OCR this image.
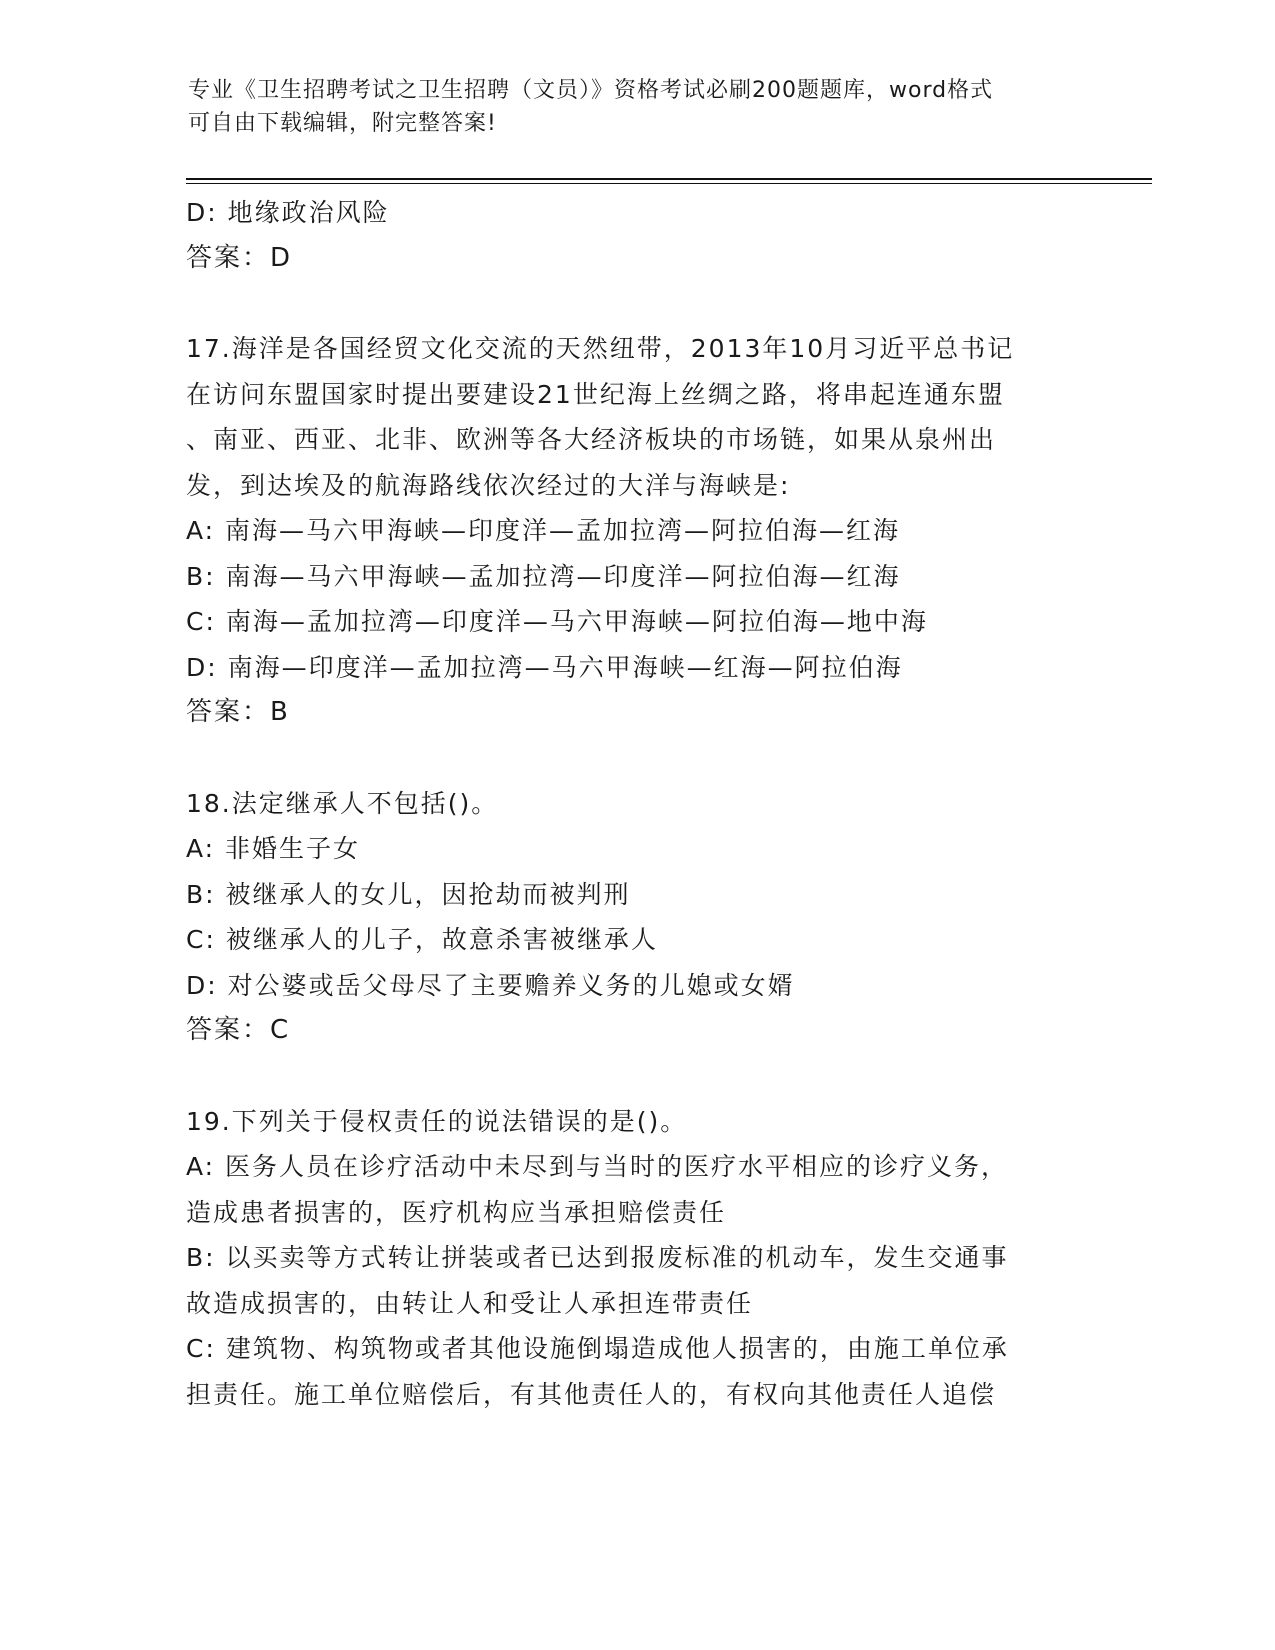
专业《卫生招聘考试之卫生招聘（文员）》资格考试必刷200题题库，word格式
可自由下载编辑，附完整答案!
D: 地缘政治风险
答案：D
17.海洋是各国经贸文化交流的天然纽带，2013年10月习近平总书记
在访问东盟国家时提出要建设21世纪海上丝绸之路，将串起连通东盟
、南亚、西亚、北非、欧洲等各大经济板块的市场链，如果从泉州出
发，到达埃及的航海路线依次经过的大洋与海峡是:
A: 南海—马六甲海峡—印度洋—孟加拉湾—阿拉伯海—红海
B: 南海—马六甲海峡—孟加拉湾—印度洋—阿拉伯海—红海
C: 南海—孟加拉湾—印度洋—马六甲海峡—阿拉伯海—地中海
D: 南海—印度洋—孟加拉湾—马六甲海峡—红海—阿拉伯海
答案：B
18.法定继承人不包括()。
A: 非婚生子女
B: 被继承人的女儿，因抢劫而被判刑
C: 被继承人的儿子，故意杀害被继承人
D: 对公婆或岳父母尽了主要赡养义务的儿媳或女婿
答案：C
19.下列关于侵权责任的说法错误的是()。
A: 医务人员在诊疗活动中未尽到与当时的医疗水平相应的诊疗义务，
造成患者损害的，医疗机构应当承担赔偿责任
B: 以买卖等方式转让拼装或者已达到报废标准的机动车，发生交通事
故造成损害的，由转让人和受让人承担连带责任
C: 建筑物、构筑物或者其他设施倒塌造成他人损害的，由施工单位承
担责任。施工单位赔偿后，有其他责任人的，有权向其他责任人追偿
